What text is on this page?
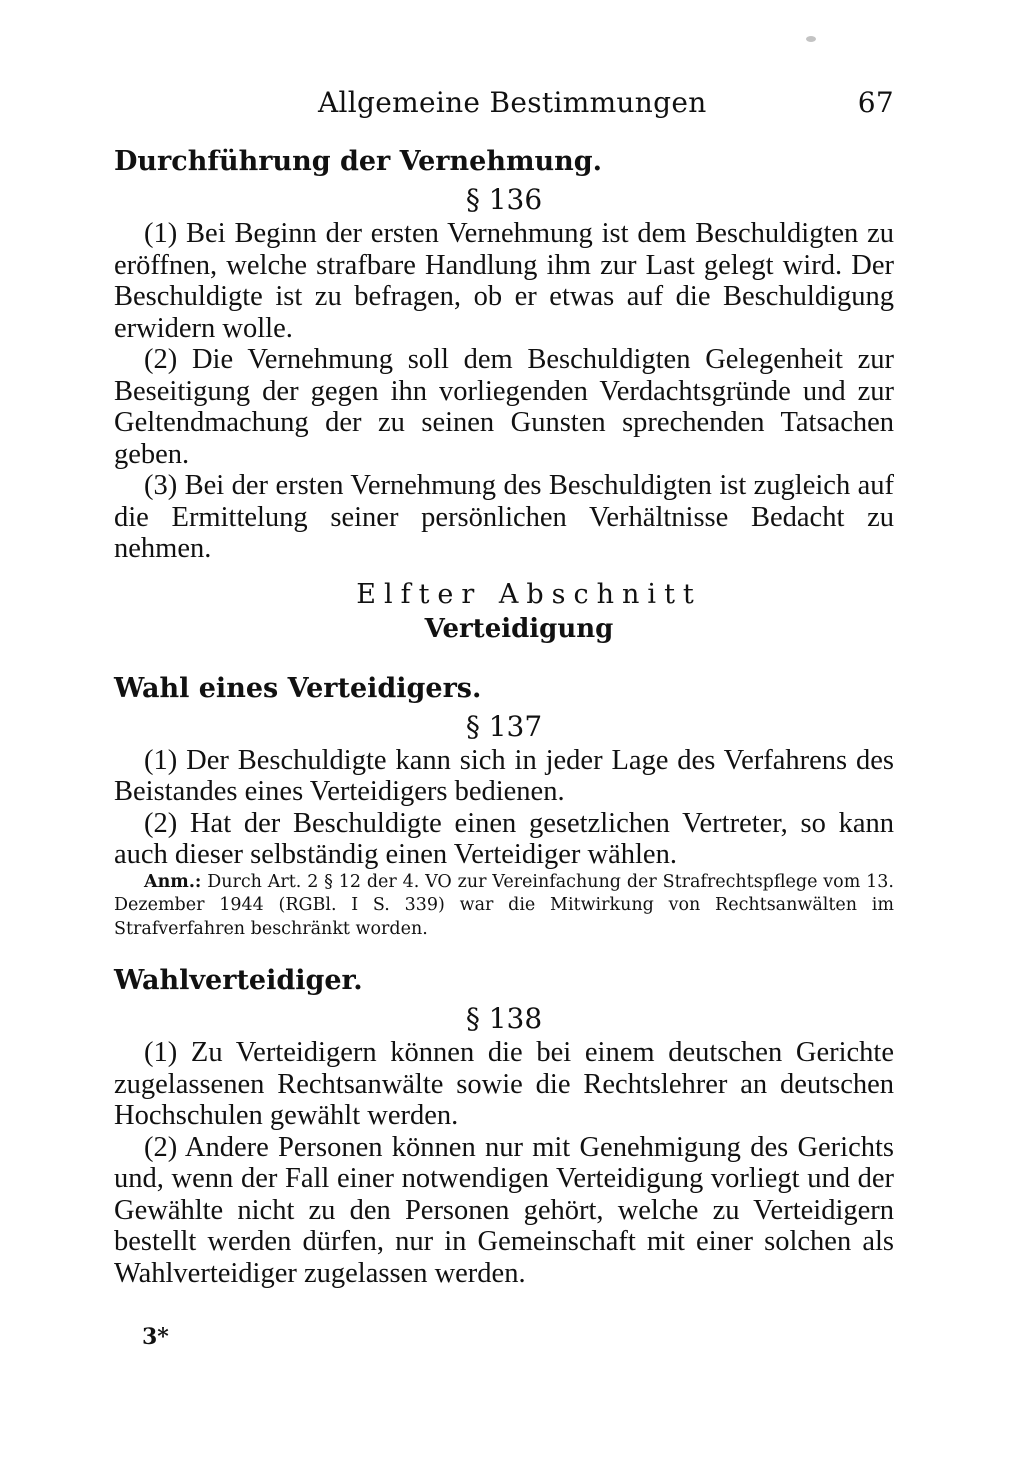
Allgemeine Bestimmungen	67
Durchführung der Vernehmung.

§ 136

(1) Bei Beginn der ersten Vernehmung ist dem Beschuldigten zu eröffnen, welche strafbare Handlung ihm zur Last gelegt wird. Der Beschuldigte ist zu befragen, ob er etwas auf die Beschuldigung erwidern wolle.

(2) Die Vernehmung soll dem Beschuldigten Gelegenheit zur Beseitigung der gegen ihn vorliegenden Verdachtsgründe und zur Geltendmachung der zu seinen Gunsten sprechenden Tatsachen geben.

(3) Bei der ersten Vernehmung des Beschuldigten ist zugleich auf die Ermittelung seiner persönlichen Verhältnisse Bedacht zu nehmen.

Elfter Abschnitt

Verteidigung

Wahl eines Verteidigers.

§ 137

(1) Der Beschuldigte kann sich in jeder Lage des Verfahrens des Beistandes eines Verteidigers bedienen.

(2) Hat der Beschuldigte einen gesetzlichen Vertreter, so kann auch dieser selbständig einen Verteidiger wählen.

Anm.: Durch Art. 2 § 12 der 4. VO zur Vereinfachung der Strafrechtspflege vom 13. Dezember 1944 (RGBl. I S. 339) war die Mitwirkung von Rechtsanwälten im Strafverfahren beschränkt worden.

Wahlverteidiger.

§ 138

(1) Zu Verteidigern können die bei einem deutschen Gerichte zugelassenen Rechtsanwälte sowie die Rechtslehrer an deutschen Hochschulen gewählt werden.

(2) Andere Personen können nur mit Genehmigung des Gerichts und, wenn der Fall einer notwendigen Verteidigung vorliegt und der Gewählte nicht zu den Personen gehört, welche zu Verteidigern bestellt werden dürfen, nur in Gemeinschaft mit einer solchen als Wahlverteidiger zugelassen werden.

3*
